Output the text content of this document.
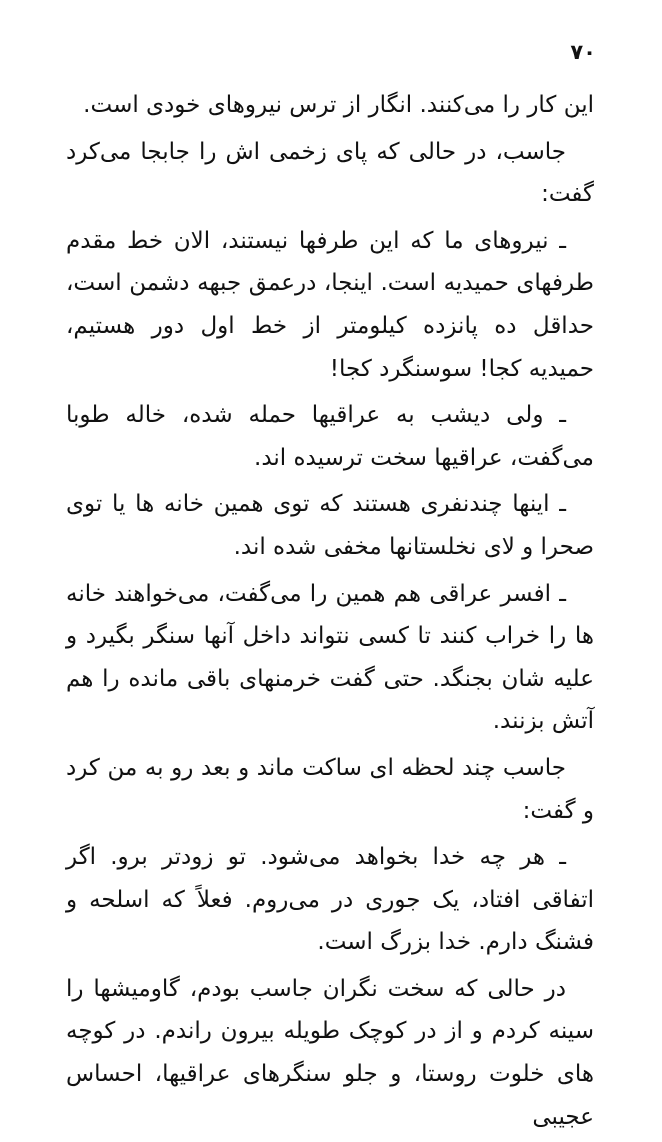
۷۰

این کار را می‌کنند. انگار از ترس نیروهای خودی است.

جاسب، در حالی که پای زخمی اش را جابجا می‌کرد گفت:

ـ نیروهای ما که این طرفها نیستند، الان خط مقدم طرفهای حمیدیه است. اینجا، درعمق جبهه دشمن است، حداقل ده پانزده کیلومتر از خط اول دور هستیم، حمیدیه کجا! سوسنگرد کجا!

ـ ولی دیشب به عراقیها حمله شده، خاله طوبا می‌گفت، عراقیها سخت ترسیده اند.

ـ اینها چندنفری هستند که توی همین خانه ها یا توی صحرا و لای نخلستانها مخفی شده اند.

ـ افسر عراقی هم همین را می‌گفت، می‌خواهند خانه ها را خراب کنند تا کسی نتواند داخل آنها سنگر بگیرد و علیه شان بجنگد. حتی گفت خرمنهای باقی مانده را هم آتش بزنند.

جاسب چند لحظه ای ساکت ماند و بعد رو به من کرد و گفت:

ـ هر چه خدا بخواهد می‌شود. تو زودتر برو. اگر اتفاقی افتاد، یک جوری در می‌روم. فعلاً که اسلحه و فشنگ دارم. خدا بزرگ است.

در حالی که سخت نگران جاسب بودم، گاومیشها را سینه کردم و از در کوچک طویله بیرون راندم. در کوچه های خلوت روستا، و جلو سنگرهای عراقیها، احساس عجیبی
